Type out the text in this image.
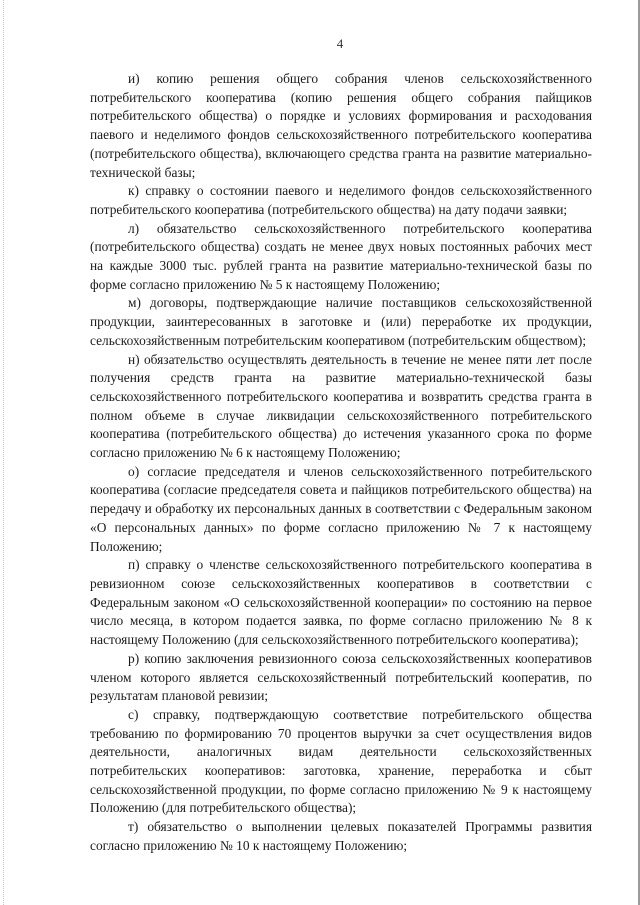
4

и) копию решения общего собрания членов сельскохозяйственного потребительского кооператива (копию решения общего собрания пайщиков потребительского общества) о порядке и условиях формирования и расходования паевого и неделимого фондов сельскохозяйственного потребительского кооператива (потребительского общества), включающего средства гранта на развитие материально-технической базы;

к) справку о состоянии паевого и неделимого фондов сельскохозяйственного потребительского кооператива (потребительского общества) на дату подачи заявки;

л) обязательство сельскохозяйственного потребительского кооператива (потребительского общества) создать не менее двух новых постоянных рабочих мест на каждые 3000 тыс. рублей гранта на развитие материально-технической базы по форме согласно приложению № 5 к настоящему Положению;

м) договоры, подтверждающие наличие поставщиков сельскохозяйственной продукции, заинтересованных в заготовке и (или) переработке их продукции, сельскохозяйственным потребительским кооперативом (потребительским обществом);

н) обязательство осуществлять деятельность в течение не менее пяти лет после получения средств гранта на развитие материально-технической базы сельскохозяйственного потребительского кооператива и возвратить средства гранта в полном объеме в случае ликвидации сельскохозяйственного потребительского кооператива (потребительского общества) до истечения указанного срока по форме согласно приложению № 6 к настоящему Положению;

о) согласие председателя и членов сельскохозяйственного потребительского кооператива (согласие председателя совета и пайщиков потребительского общества) на передачу и обработку их персональных данных в соответствии с Федеральным законом «О персональных данных» по форме согласно приложению № 7 к настоящему Положению;

п) справку о членстве сельскохозяйственного потребительского кооператива в ревизионном союзе сельскохозяйственных кооперативов в соответствии с Федеральным законом «О сельскохозяйственной кооперации» по состоянию на первое число месяца, в котором подается заявка, по форме согласно приложению № 8 к настоящему Положению (для сельскохозяйственного потребительского кооператива);

р) копию заключения ревизионного союза сельскохозяйственных кооперативов членом которого является сельскохозяйственный потребительский кооператив, по результатам плановой ревизии;

с) справку, подтверждающую соответствие потребительского общества требованию по формированию 70 процентов выручки за счет осуществления видов деятельности, аналогичных видам деятельности сельскохозяйственных потребительских кооперативов: заготовка, хранение, переработка и сбыт сельскохозяйственной продукции, по форме согласно приложению № 9 к настоящему Положению (для потребительского общества);

т) обязательство о выполнении целевых показателей Программы развития согласно приложению № 10 к настоящему Положению;
